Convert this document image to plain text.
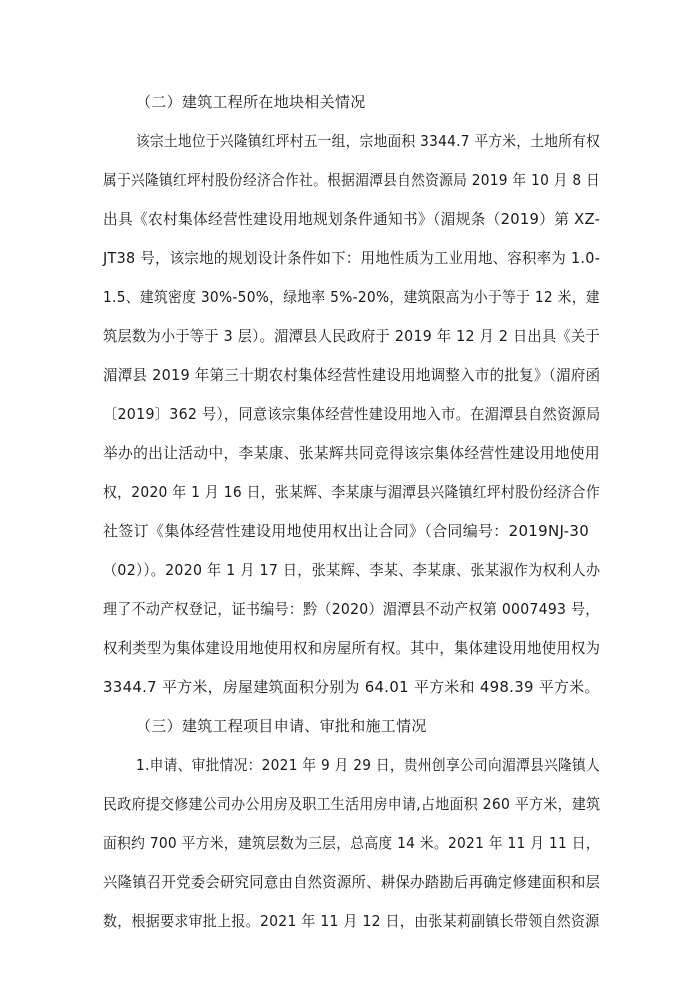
（二）建筑工程所在地块相关情况
该宗土地位于兴隆镇红坪村五一组，宗地面积 3344.7 平方米，土地所有权
属于兴隆镇红坪村股份经济合作社。根据湄潭县自然资源局 2019 年 10 月 8 日
出具《农村集体经营性建设用地规划条件通知书》（湄规条（2019）第 XZ-
JT38 号，该宗地的规划设计条件如下：用地性质为工业用地、容积率为 1.0-
1.5、建筑密度 30%-50%，绿地率 5%-20%，建筑限高为小于等于 12 米，建
筑层数为小于等于 3 层）。湄潭县人民政府于 2019 年 12 月 2 日出具《关于
湄潭县 2019 年第三十期农村集体经营性建设用地调整入市的批复》（湄府函
〔2019〕362 号），同意该宗集体经营性建设用地入市。在湄潭县自然资源局
举办的出让活动中，李某康、张某辉共同竞得该宗集体经营性建设用地使用
权，2020 年 1 月 16 日，张某辉、李某康与湄潭县兴隆镇红坪村股份经济合作
社签订《集体经营性建设用地使用权出让合同》（合同编号：2019NJ-30
（02））。2020 年 1 月 17 日，张某辉、李某、李某康、张某淑作为权利人办
理了不动产权登记，证书编号：黔（2020）湄潭县不动产权第 0007493 号，
权利类型为集体建设用地使用权和房屋所有权。其中，集体建设用地使用权为
3344.7 平方米，房屋建筑面积分别为 64.01 平方米和 498.39 平方米。
（三）建筑工程项目申请、审批和施工情况
1.申请、审批情况：2021 年 9 月 29 日，贵州创享公司向湄潭县兴隆镇人
民政府提交修建公司办公用房及职工生活用房申请,占地面积 260 平方米，建筑
面积约 700 平方米，建筑层数为三层，总高度 14 米。2021 年 11 月 11 日，
兴隆镇召开党委会研究同意由自然资源所、耕保办踏勘后再确定修建面积和层
数，根据要求审批上报。2021 年 11 月 12 日，由张某莉副镇长带领自然资源
